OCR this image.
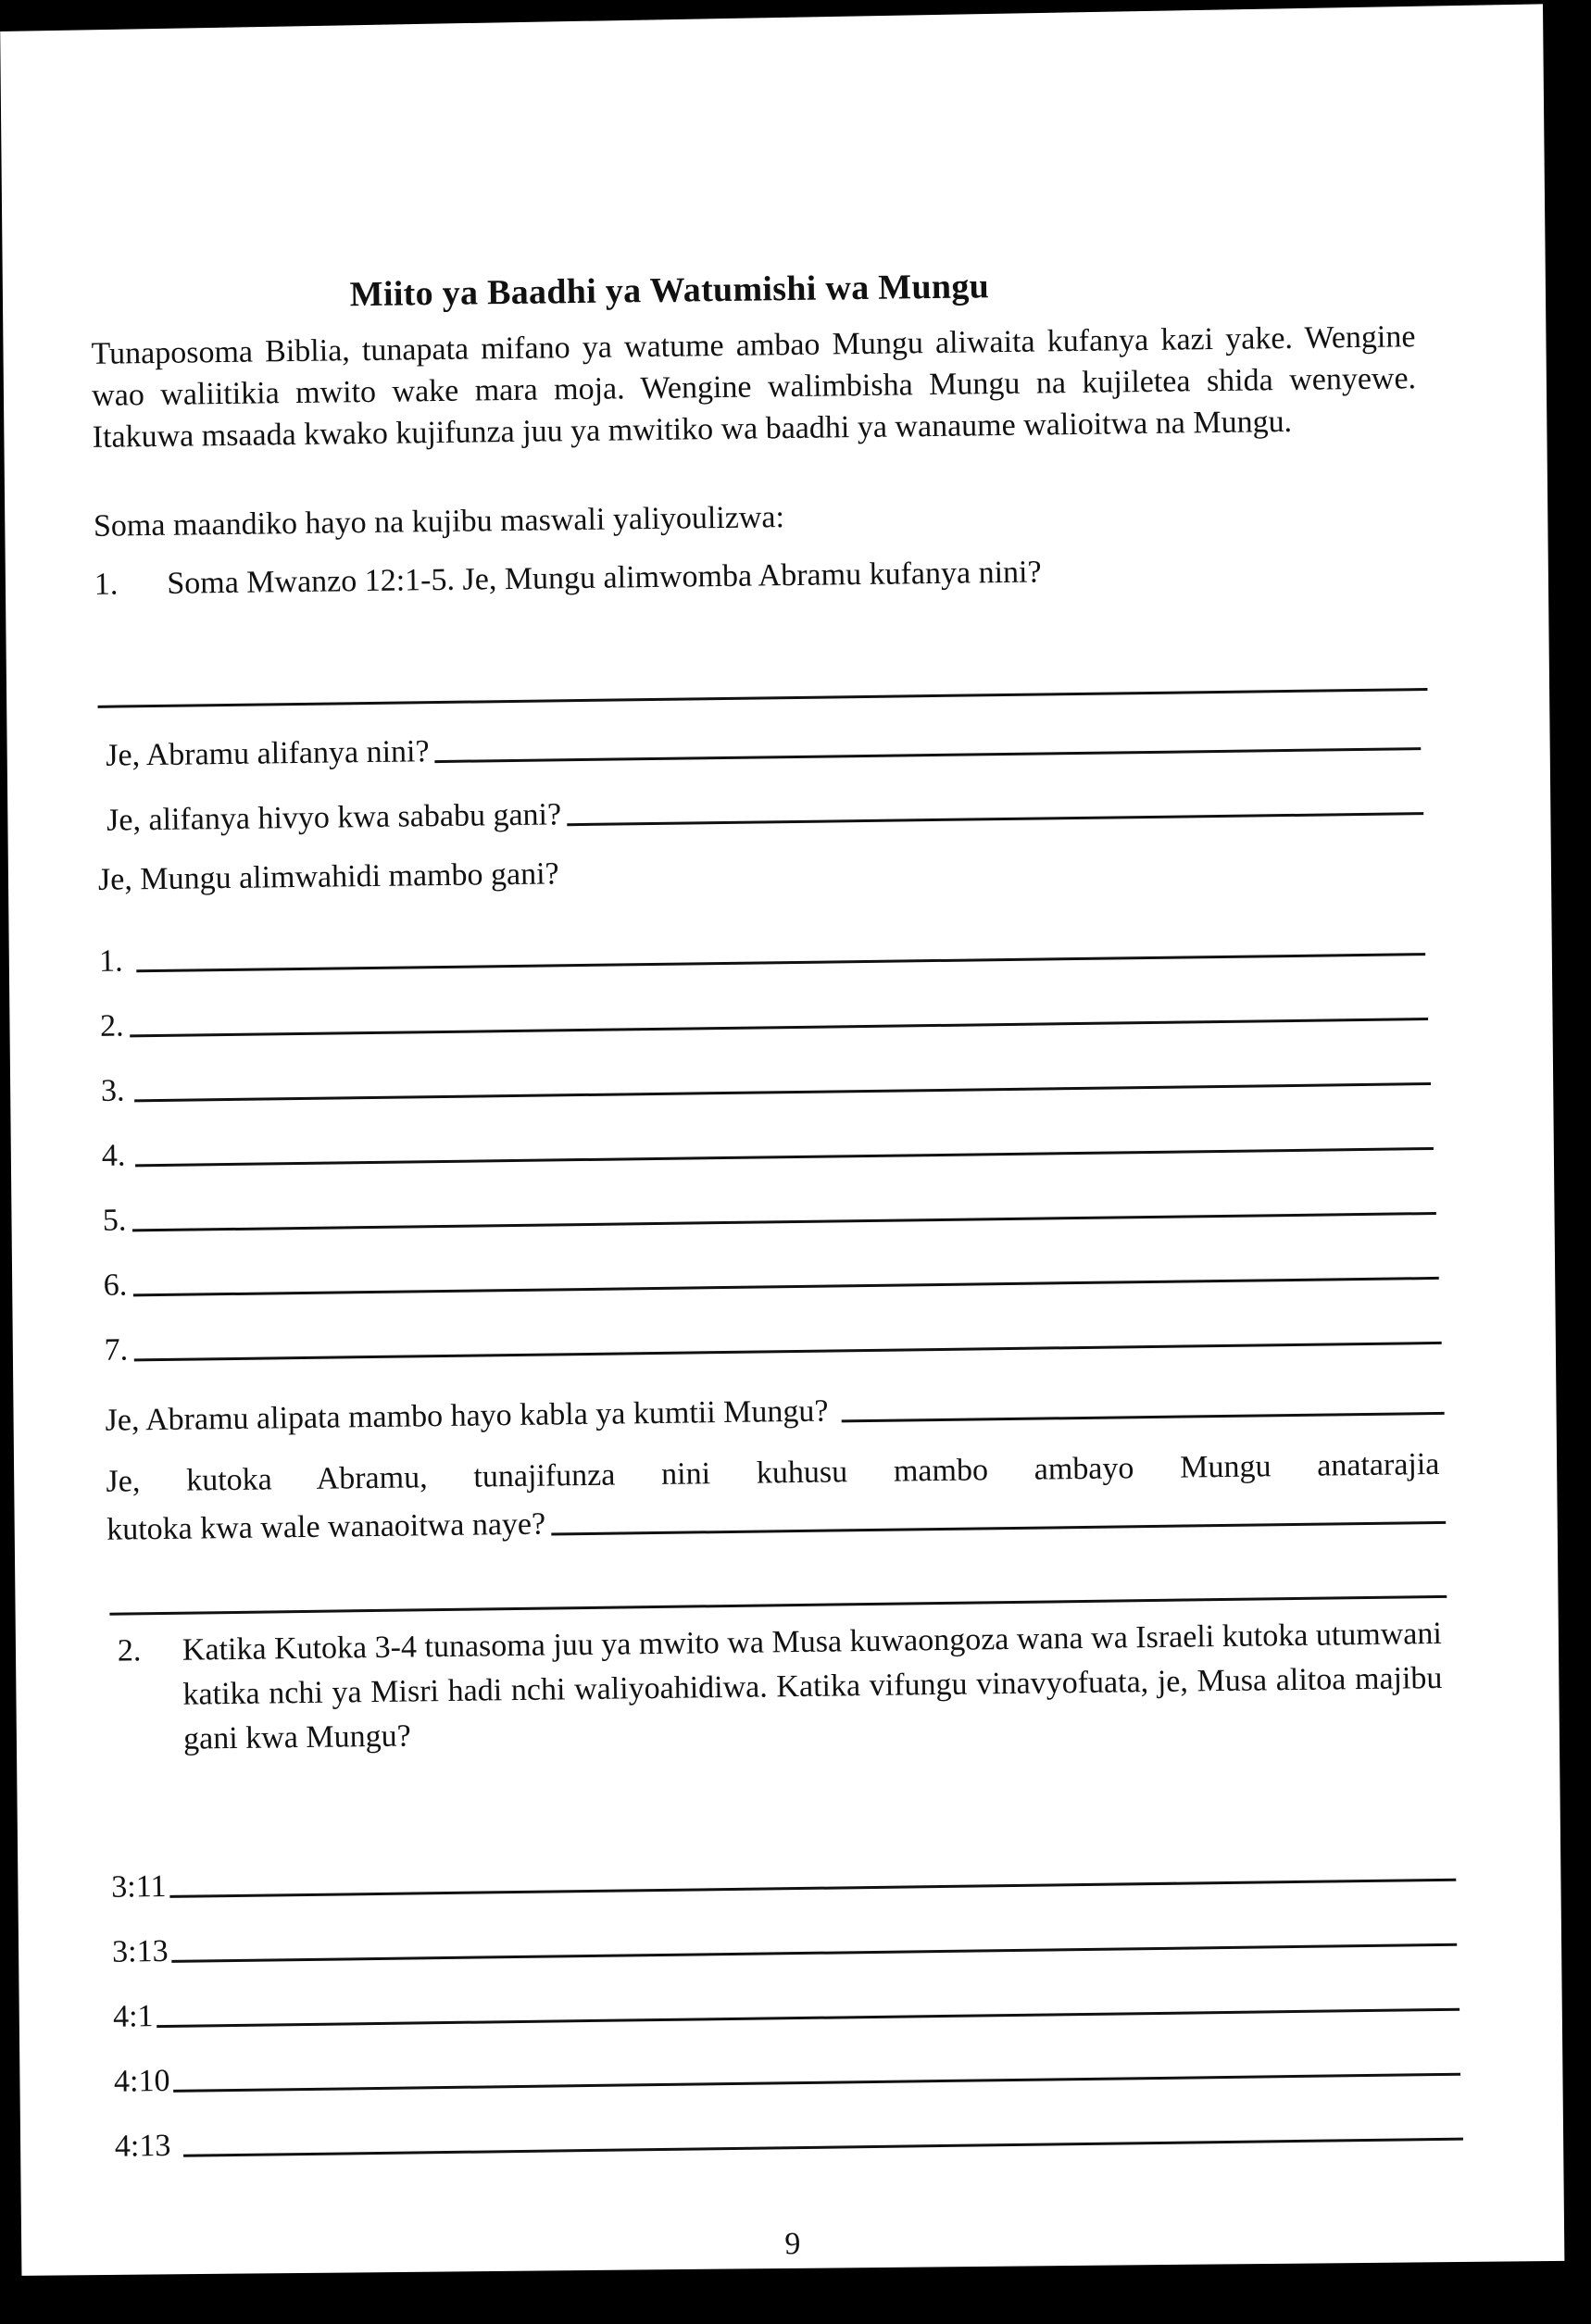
Miito ya Baadhi ya Watumishi wa Mungu
Tunaposoma Biblia, tunapata mifano ya watume ambao Mungu aliwaita kufanya kazi yake. Wengine wao waliitikia mwito wake mara moja. Wengine walimbisha Mungu na kujiletea shida wenyewe. Itakuwa msaada kwako kujifunza juu ya mwitiko wa baadhi ya wanaume walioitwa na Mungu.
Soma maandiko hayo na kujibu maswali yaliyoulizwa:
1. Soma Mwanzo 12:1-5. Je, Mungu alimwomba Abramu kufanya nini?
Je, Abramu alifanya nini?
Je, alifanya hivyo kwa sababu gani?
Je, Mungu alimwahidi mambo gani?
1.
2.
3.
4.
5.
6.
7.
Je, Abramu alipata mambo hayo kabla ya kumtii Mungu?
Je, kutoka Abramu, tunajifunza nini kuhusu mambo ambayo Mungu anatarajia
kutoka kwa wale wanaoitwa naye?
2. Katika Kutoka 3-4 tunasoma juu ya mwito wa Musa kuwaongoza wana wa Israeli kutoka utumwani katika nchi ya Misri hadi nchi waliyoahidiwa. Katika vifungu vinavyofuata, je, Musa alitoa majibu gani kwa Mungu?
3:11
3:13
4:1
4:10
4:13
9
